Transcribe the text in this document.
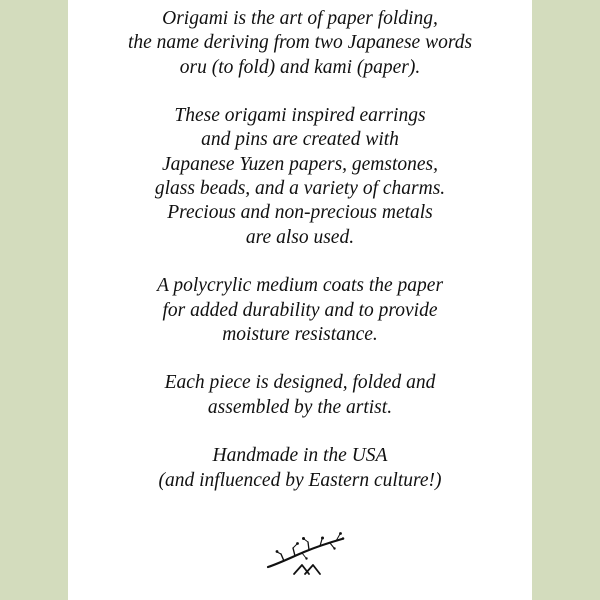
Origami is the art of paper folding,
the name deriving from two Japanese words
oru (to fold) and kami (paper).

These origami inspired earrings
and pins are created with
Japanese Yuzen papers, gemstones,
glass beads, and a variety of charms.
Precious and non-precious metals
are also used.

A polycrylic medium coats the paper
for added durability and to provide
moisture resistance.

Each piece is designed, folded and
assembled by the artist.

Handmade in the USA
(and influenced by Eastern culture!)
